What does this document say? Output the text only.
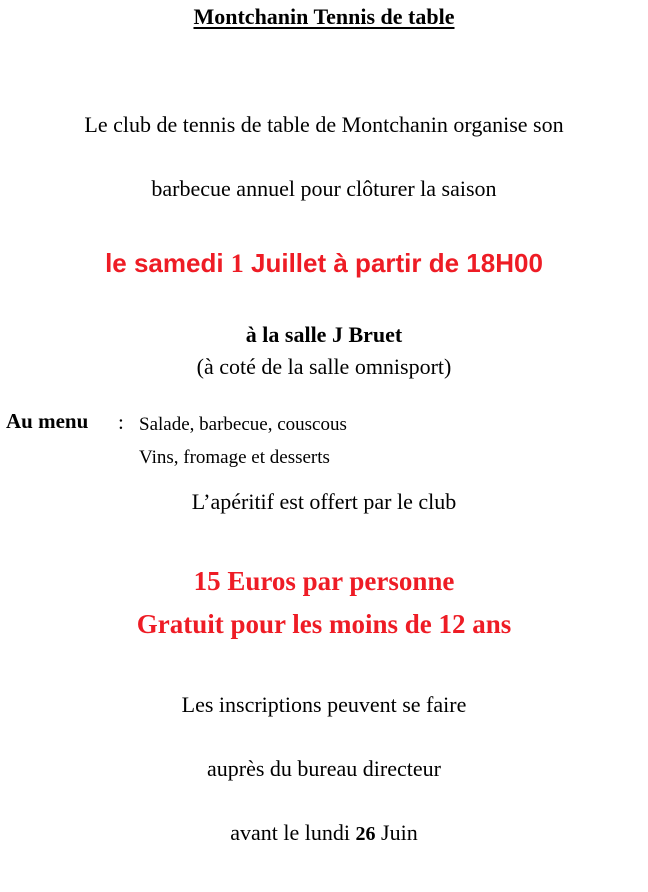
Montchanin Tennis de table
Le club de tennis de table de Montchanin organise son
barbecue annuel pour clôturer la saison
le samedi 1 Juillet à partir de 18H00
à la salle J Bruet
(à coté de la salle omnisport)
Au menu : Salade, barbecue, couscous
Vins, fromage et desserts
L’apéritif est offert par le club
15 Euros par personne
Gratuit pour les moins de 12 ans
Les inscriptions peuvent se faire
auprès du bureau directeur
avant le lundi 26 Juin
